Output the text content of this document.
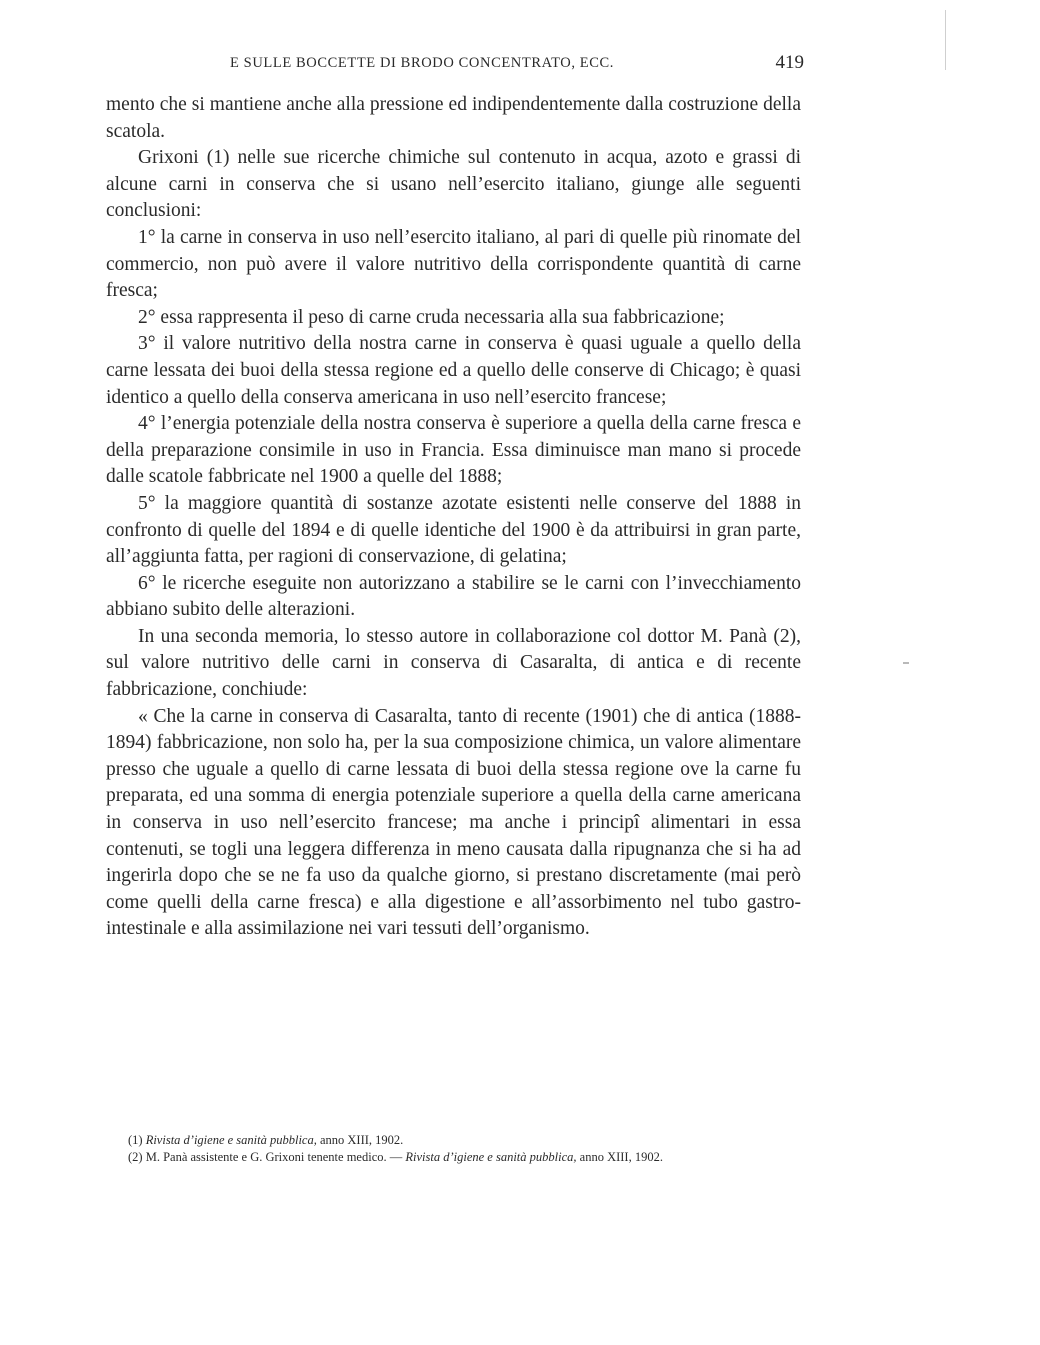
E SULLE BOCCETTE DI BRODO CONCENTRATO, ECC.	419

mento che si mantiene anche alla pressione ed indipendentemente dalla costruzione della scatola.

Grixoni (1) nelle sue ricerche chimiche sul contenuto in acqua, azoto e grassi di alcune carni in conserva che si usano nell’esercito italiano, giunge alle seguenti conclusioni:

1° la carne in conserva in uso nell’esercito italiano, al pari di quelle più rinomate del commercio, non può avere il valore nutritivo della corrispondente quantità di carne fresca;

2° essa rappresenta il peso di carne cruda necessaria alla sua fabbricazione;

3° il valore nutritivo della nostra carne in conserva è quasi uguale a quello della carne lessata dei buoi della stessa regione ed a quello delle conserve di Chicago; è quasi identico a quello della conserva americana in uso nell’esercito francese;

4° l’energia potenziale della nostra conserva è superiore a quella della carne fresca e della preparazione consimile in uso in Francia. Essa diminuisce man mano si procede dalle scatole fabbricate nel 1900 a quelle del 1888;

5° la maggiore quantità di sostanze azotate esistenti nelle conserve del 1888 in confronto di quelle del 1894 e di quelle identiche del 1900 è da attribuirsi in gran parte, all’aggiunta fatta, per ragioni di conservazione, di gelatina;

6° le ricerche eseguite non autorizzano a stabilire se le carni con l’invecchiamento abbiano subito delle alterazioni.

In una seconda memoria, lo stesso autore in collaborazione col dottor M. Panà (2), sul valore nutritivo delle carni in conserva di Casaralta, di antica e di recente fabbricazione, conchiude:

« Che la carne in conserva di Casaralta, tanto di recente (1901) che di antica (1888-1894) fabbricazione, non solo ha, per la sua composizione chimica, un valore alimentare presso che uguale a quello di carne lessata di buoi della stessa regione ove la carne fu preparata, ed una somma di energia potenziale superiore a quella della carne americana in conserva in uso nell’esercito francese; ma anche i principî alimentari in essa contenuti, se togli una leggera differenza in meno causata dalla ripugnanza che si ha ad ingerirla dopo che se ne fa uso da qualche giorno, si prestano discretamente (mai però come quelli della carne fresca) e alla digestione e all’assorbimento nel tubo gastro-intestinale e alla assimilazione nei vari tessuti dell’organismo.

(1) Rivista d’igiene e sanità pubblica, anno XIII, 1902.

(2) M. Panà assistente e G. Grixoni tenente medico. — Rivista d’igiene e sanità pubblica, anno XIII, 1902.
